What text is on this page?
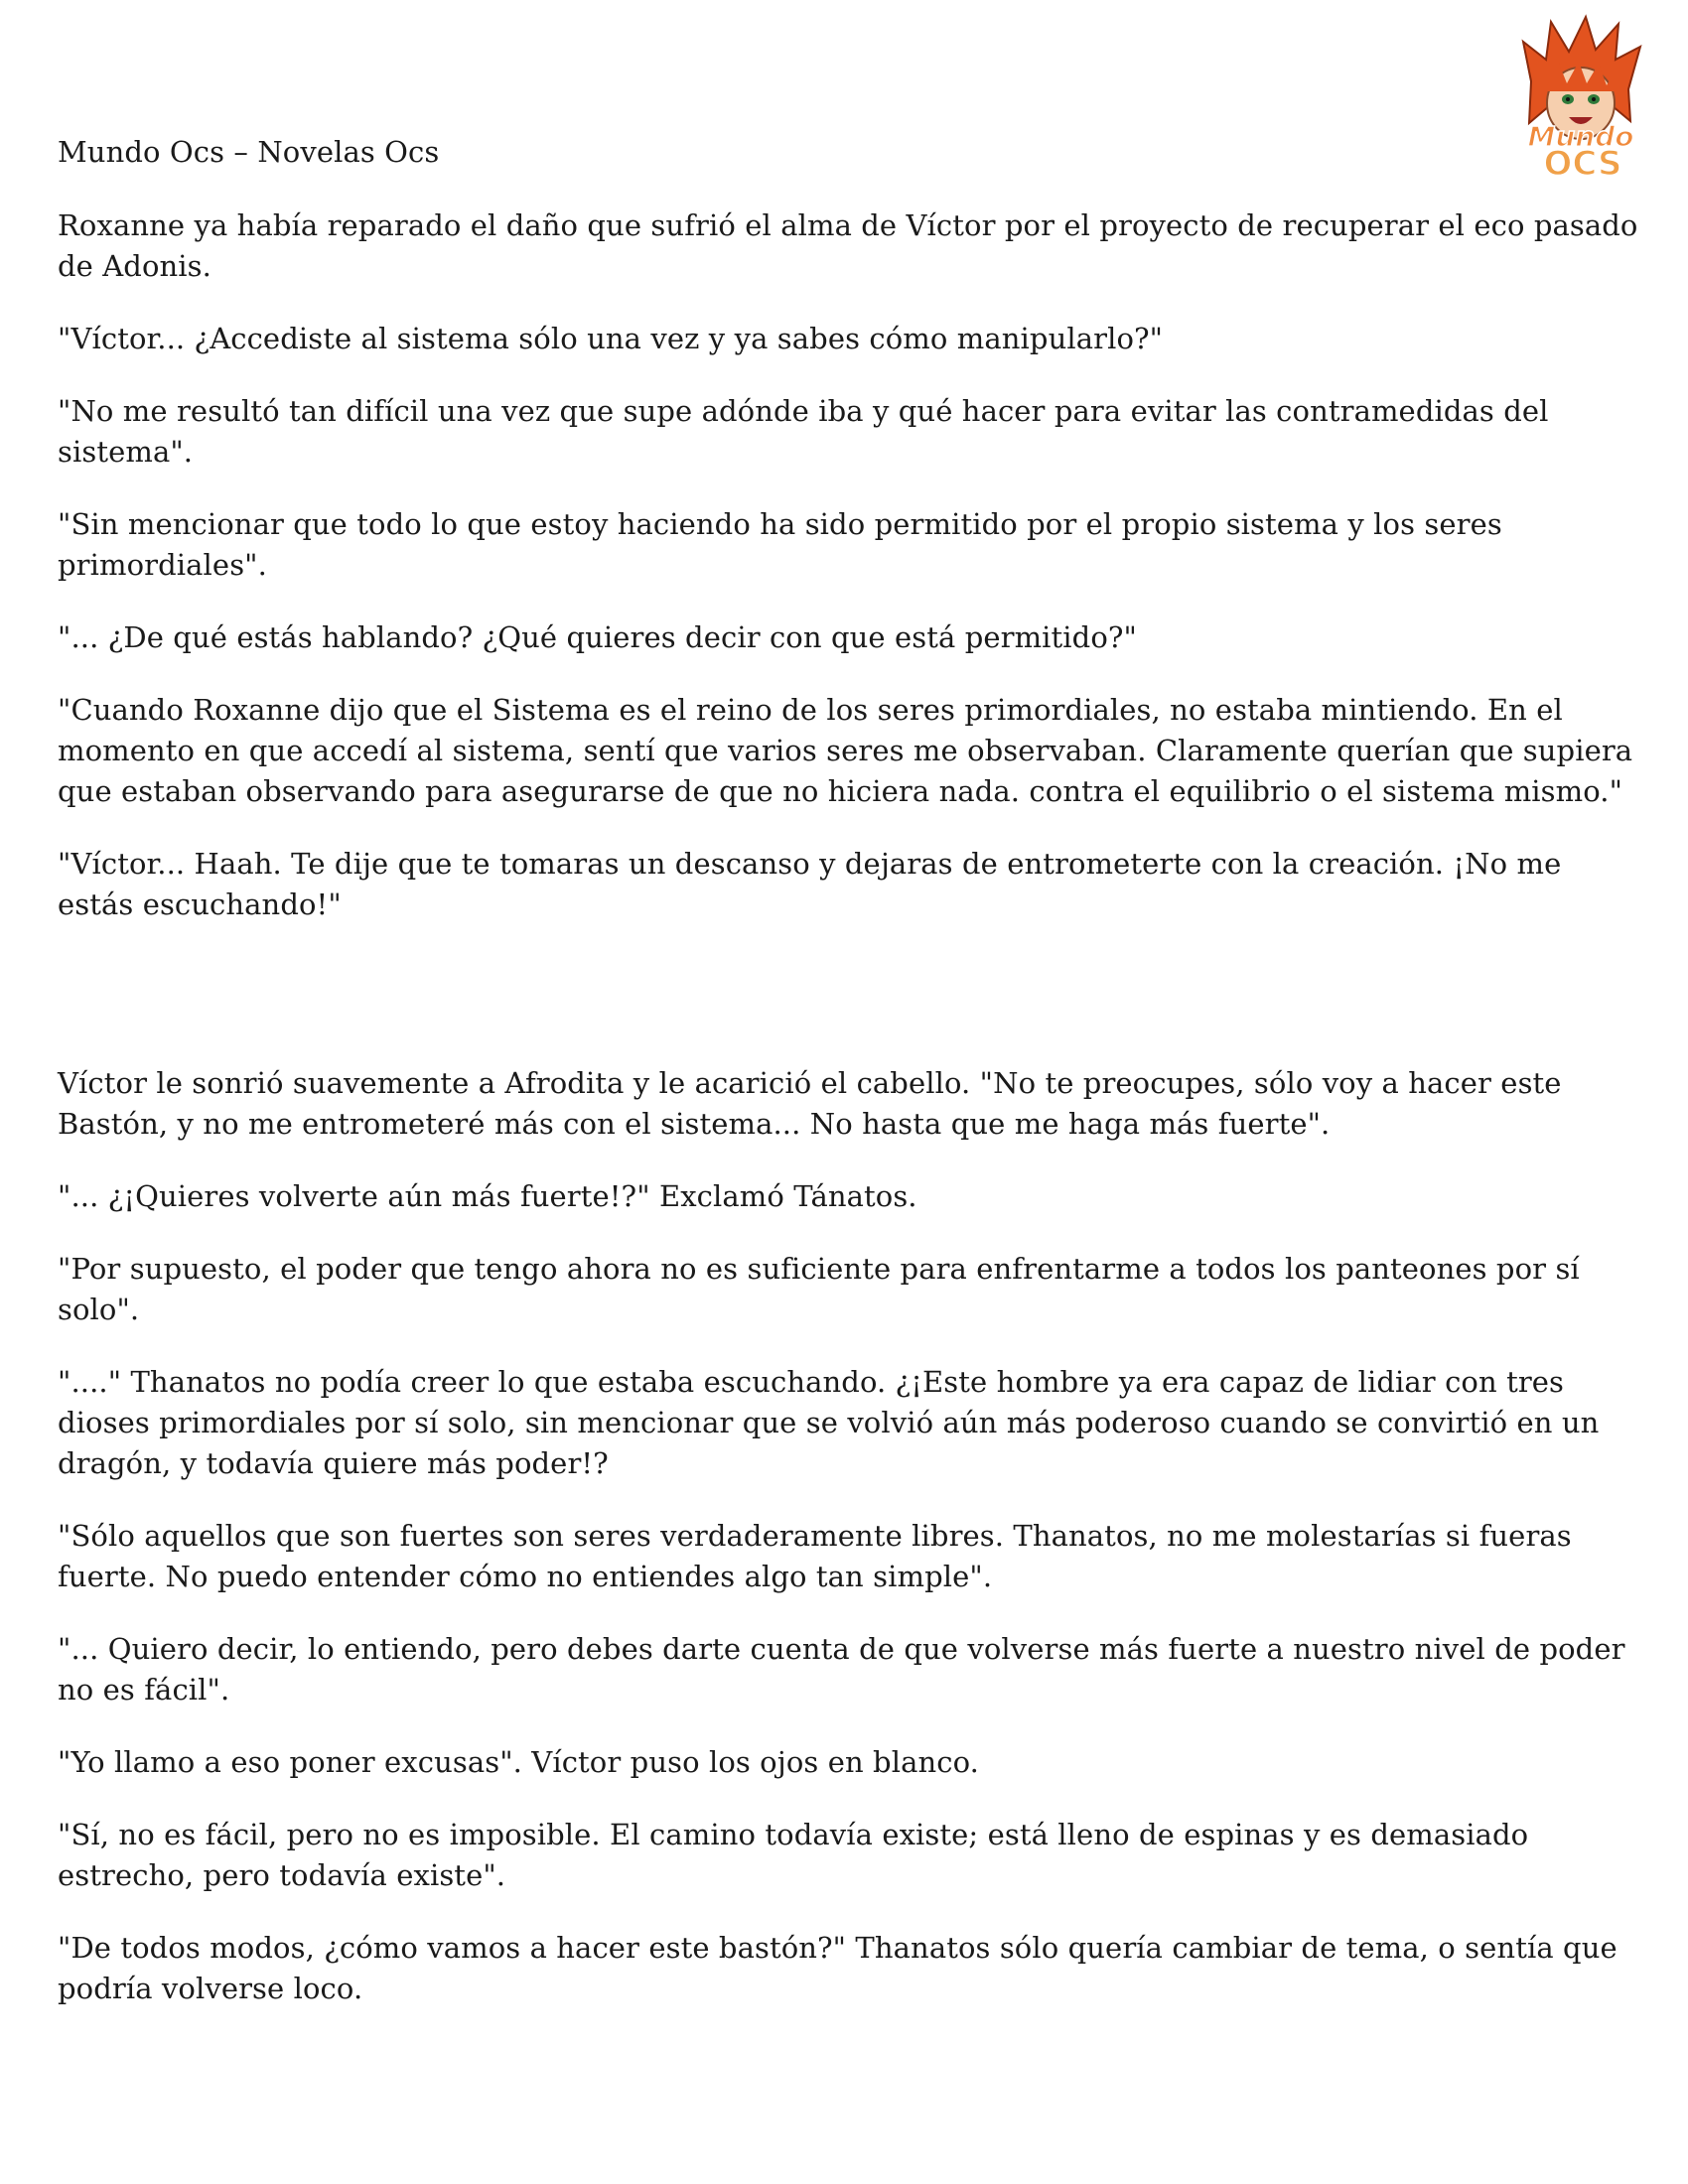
Mundo
OCS

Mundo Ocs – Novelas Ocs

Roxanne ya había reparado el daño que sufrió el alma de Víctor por el proyecto de recuperar el eco pasado de Adonis.

"Víctor... ¿Accediste al sistema sólo una vez y ya sabes cómo manipularlo?"

"No me resultó tan difícil una vez que supe adónde iba y qué hacer para evitar las contramedidas del sistema".

"Sin mencionar que todo lo que estoy haciendo ha sido permitido por el propio sistema y los seres primordiales".

"... ¿De qué estás hablando? ¿Qué quieres decir con que está permitido?"

"Cuando Roxanne dijo que el Sistema es el reino de los seres primordiales, no estaba mintiendo. En el momento en que accedí al sistema, sentí que varios seres me observaban. Claramente querían que supiera que estaban observando para asegurarse de que no hiciera nada. contra el equilibrio o el sistema mismo."

"Víctor... Haah. Te dije que te tomaras un descanso y dejaras de entrometerte con la creación. ¡No me estás escuchando!"

Víctor le sonrió suavemente a Afrodita y le acarició el cabello. "No te preocupes, sólo voy a hacer este Bastón, y no me entrometeré más con el sistema... No hasta que me haga más fuerte".

"... ¿¡Quieres volverte aún más fuerte!?" Exclamó Tánatos.

"Por supuesto, el poder que tengo ahora no es suficiente para enfrentarme a todos los panteones por sí solo".

"...." Thanatos no podía creer lo que estaba escuchando. ¿¡Este hombre ya era capaz de lidiar con tres dioses primordiales por sí solo, sin mencionar que se volvió aún más poderoso cuando se convirtió en un dragón, y todavía quiere más poder!?

"Sólo aquellos que son fuertes son seres verdaderamente libres. Thanatos, no me molestarías si fueras fuerte. No puedo entender cómo no entiendes algo tan simple".

"... Quiero decir, lo entiendo, pero debes darte cuenta de que volverse más fuerte a nuestro nivel de poder no es fácil".

"Yo llamo a eso poner excusas". Víctor puso los ojos en blanco.

"Sí, no es fácil, pero no es imposible. El camino todavía existe; está lleno de espinas y es demasiado estrecho, pero todavía existe".

"De todos modos, ¿cómo vamos a hacer este bastón?" Thanatos sólo quería cambiar de tema, o sentía que podría volverse loco.
